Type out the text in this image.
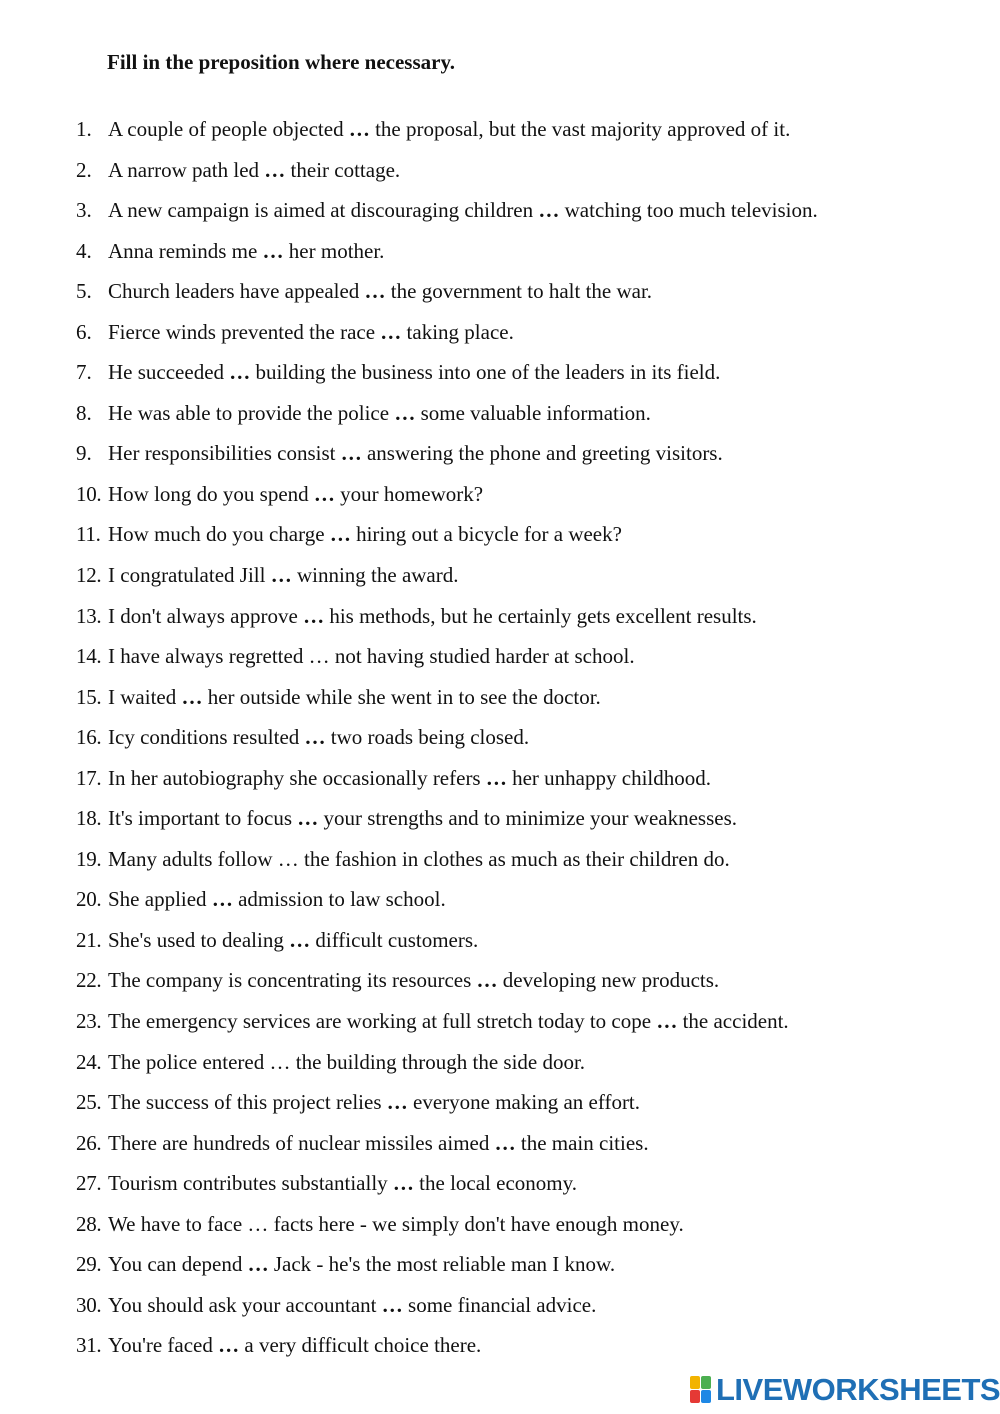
Fill in the preposition where necessary.
1. A couple of people objected … the proposal, but the vast majority approved of it.
2. A narrow path led … their cottage.
3. A new campaign is aimed at discouraging children … watching too much television.
4. Anna reminds me … her mother.
5. Church leaders have appealed … the government to halt the war.
6. Fierce winds prevented the race … taking place.
7. He succeeded … building the business into one of the leaders in its field.
8. He was able to provide the police … some valuable information.
9. Her responsibilities consist … answering the phone and greeting visitors.
10. How long do you spend … your homework?
11. How much do you charge … hiring out a bicycle for a week?
12. I congratulated Jill … winning the award.
13. I don't always approve … his methods, but he certainly gets excellent results.
14. I have always regretted … not having studied harder at school.
15. I waited … her outside while she went in to see the doctor.
16. Icy conditions resulted … two roads being closed.
17. In her autobiography she occasionally refers … her unhappy childhood.
18. It's important to focus … your strengths and to minimize your weaknesses.
19. Many adults follow … the fashion in clothes as much as their children do.
20. She applied … admission to law school.
21. She's used to dealing … difficult customers.
22. The company is concentrating its resources … developing new products.
23. The emergency services are working at full stretch today to cope … the accident.
24. The police entered … the building through the side door.
25. The success of this project relies … everyone making an effort.
26. There are hundreds of nuclear missiles aimed … the main cities.
27. Tourism contributes substantially … the local economy.
28. We have to face … facts here - we simply don't have enough money.
29. You can depend … Jack - he's the most reliable man I know.
30. You should ask your accountant … some financial advice.
31. You're faced … a very difficult choice there.
LIVEWORKSHEETS
